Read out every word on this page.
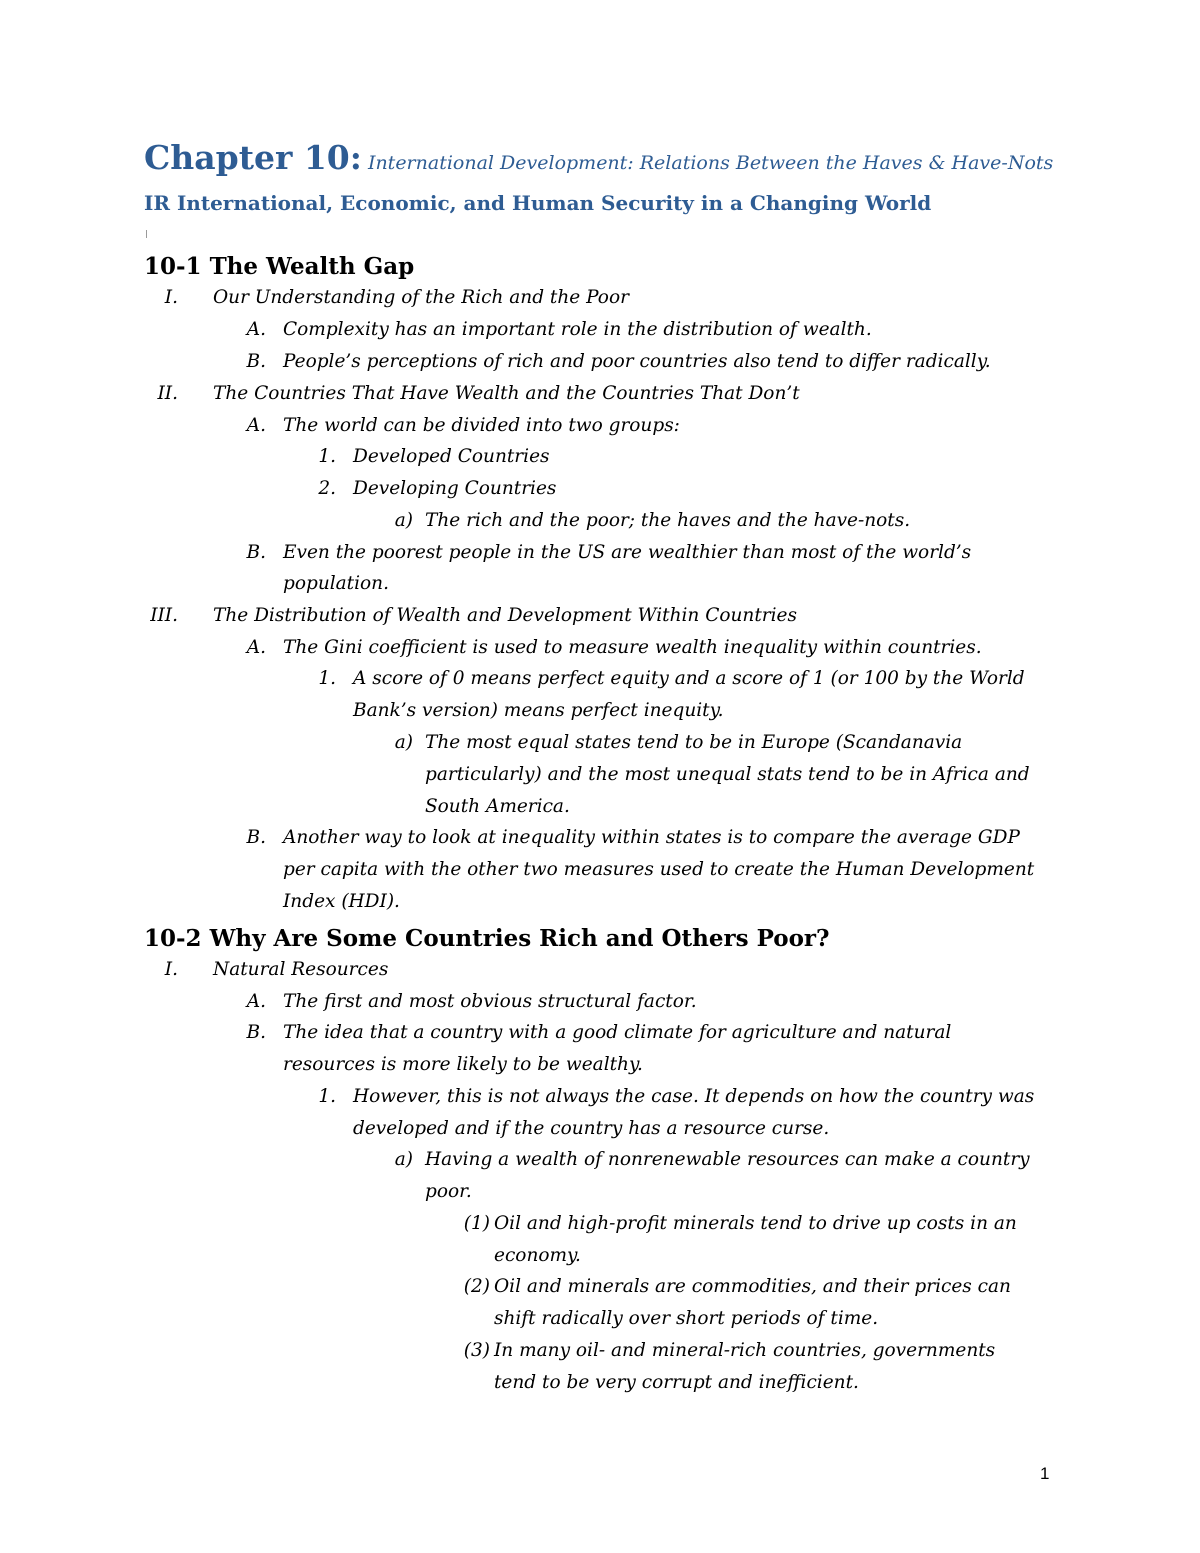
Chapter 10: International Development: Relations Between the Haves & Have-Nots
IR International, Economic, and Human Security in a Changing World
10-1 The Wealth Gap
I. Our Understanding of the Rich and the Poor
A. Complexity has an important role in the distribution of wealth.
B. People’s perceptions of rich and poor countries also tend to differ radically.
II. The Countries That Have Wealth and the Countries That Don’t
A. The world can be divided into two groups:
1. Developed Countries
2. Developing Countries
a) The rich and the poor; the haves and the have-nots.
B. Even the poorest people in the US are wealthier than most of the world’s
population.
III. The Distribution of Wealth and Development Within Countries
A. The Gini coefficient is used to measure wealth inequality within countries.
1. A score of 0 means perfect equity and a score of 1 (or 100 by the World
Bank’s version) means perfect inequity.
a) The most equal states tend to be in Europe (Scandanavia
particularly) and the most unequal stats tend to be in Africa and
South America.
B. Another way to look at inequality within states is to compare the average GDP
per capita with the other two measures used to create the Human Development
Index (HDI).
10-2 Why Are Some Countries Rich and Others Poor?
I. Natural Resources
A. The first and most obvious structural factor.
B. The idea that a country with a good climate for agriculture and natural
resources is more likely to be wealthy.
1. However, this is not always the case. It depends on how the country was
developed and if the country has a resource curse.
a) Having a wealth of nonrenewable resources can make a country
poor.
(1) Oil and high-profit minerals tend to drive up costs in an
economy.
(2) Oil and minerals are commodities, and their prices can
shift radically over short periods of time.
(3) In many oil- and mineral-rich countries, governments
tend to be very corrupt and inefficient.
1
